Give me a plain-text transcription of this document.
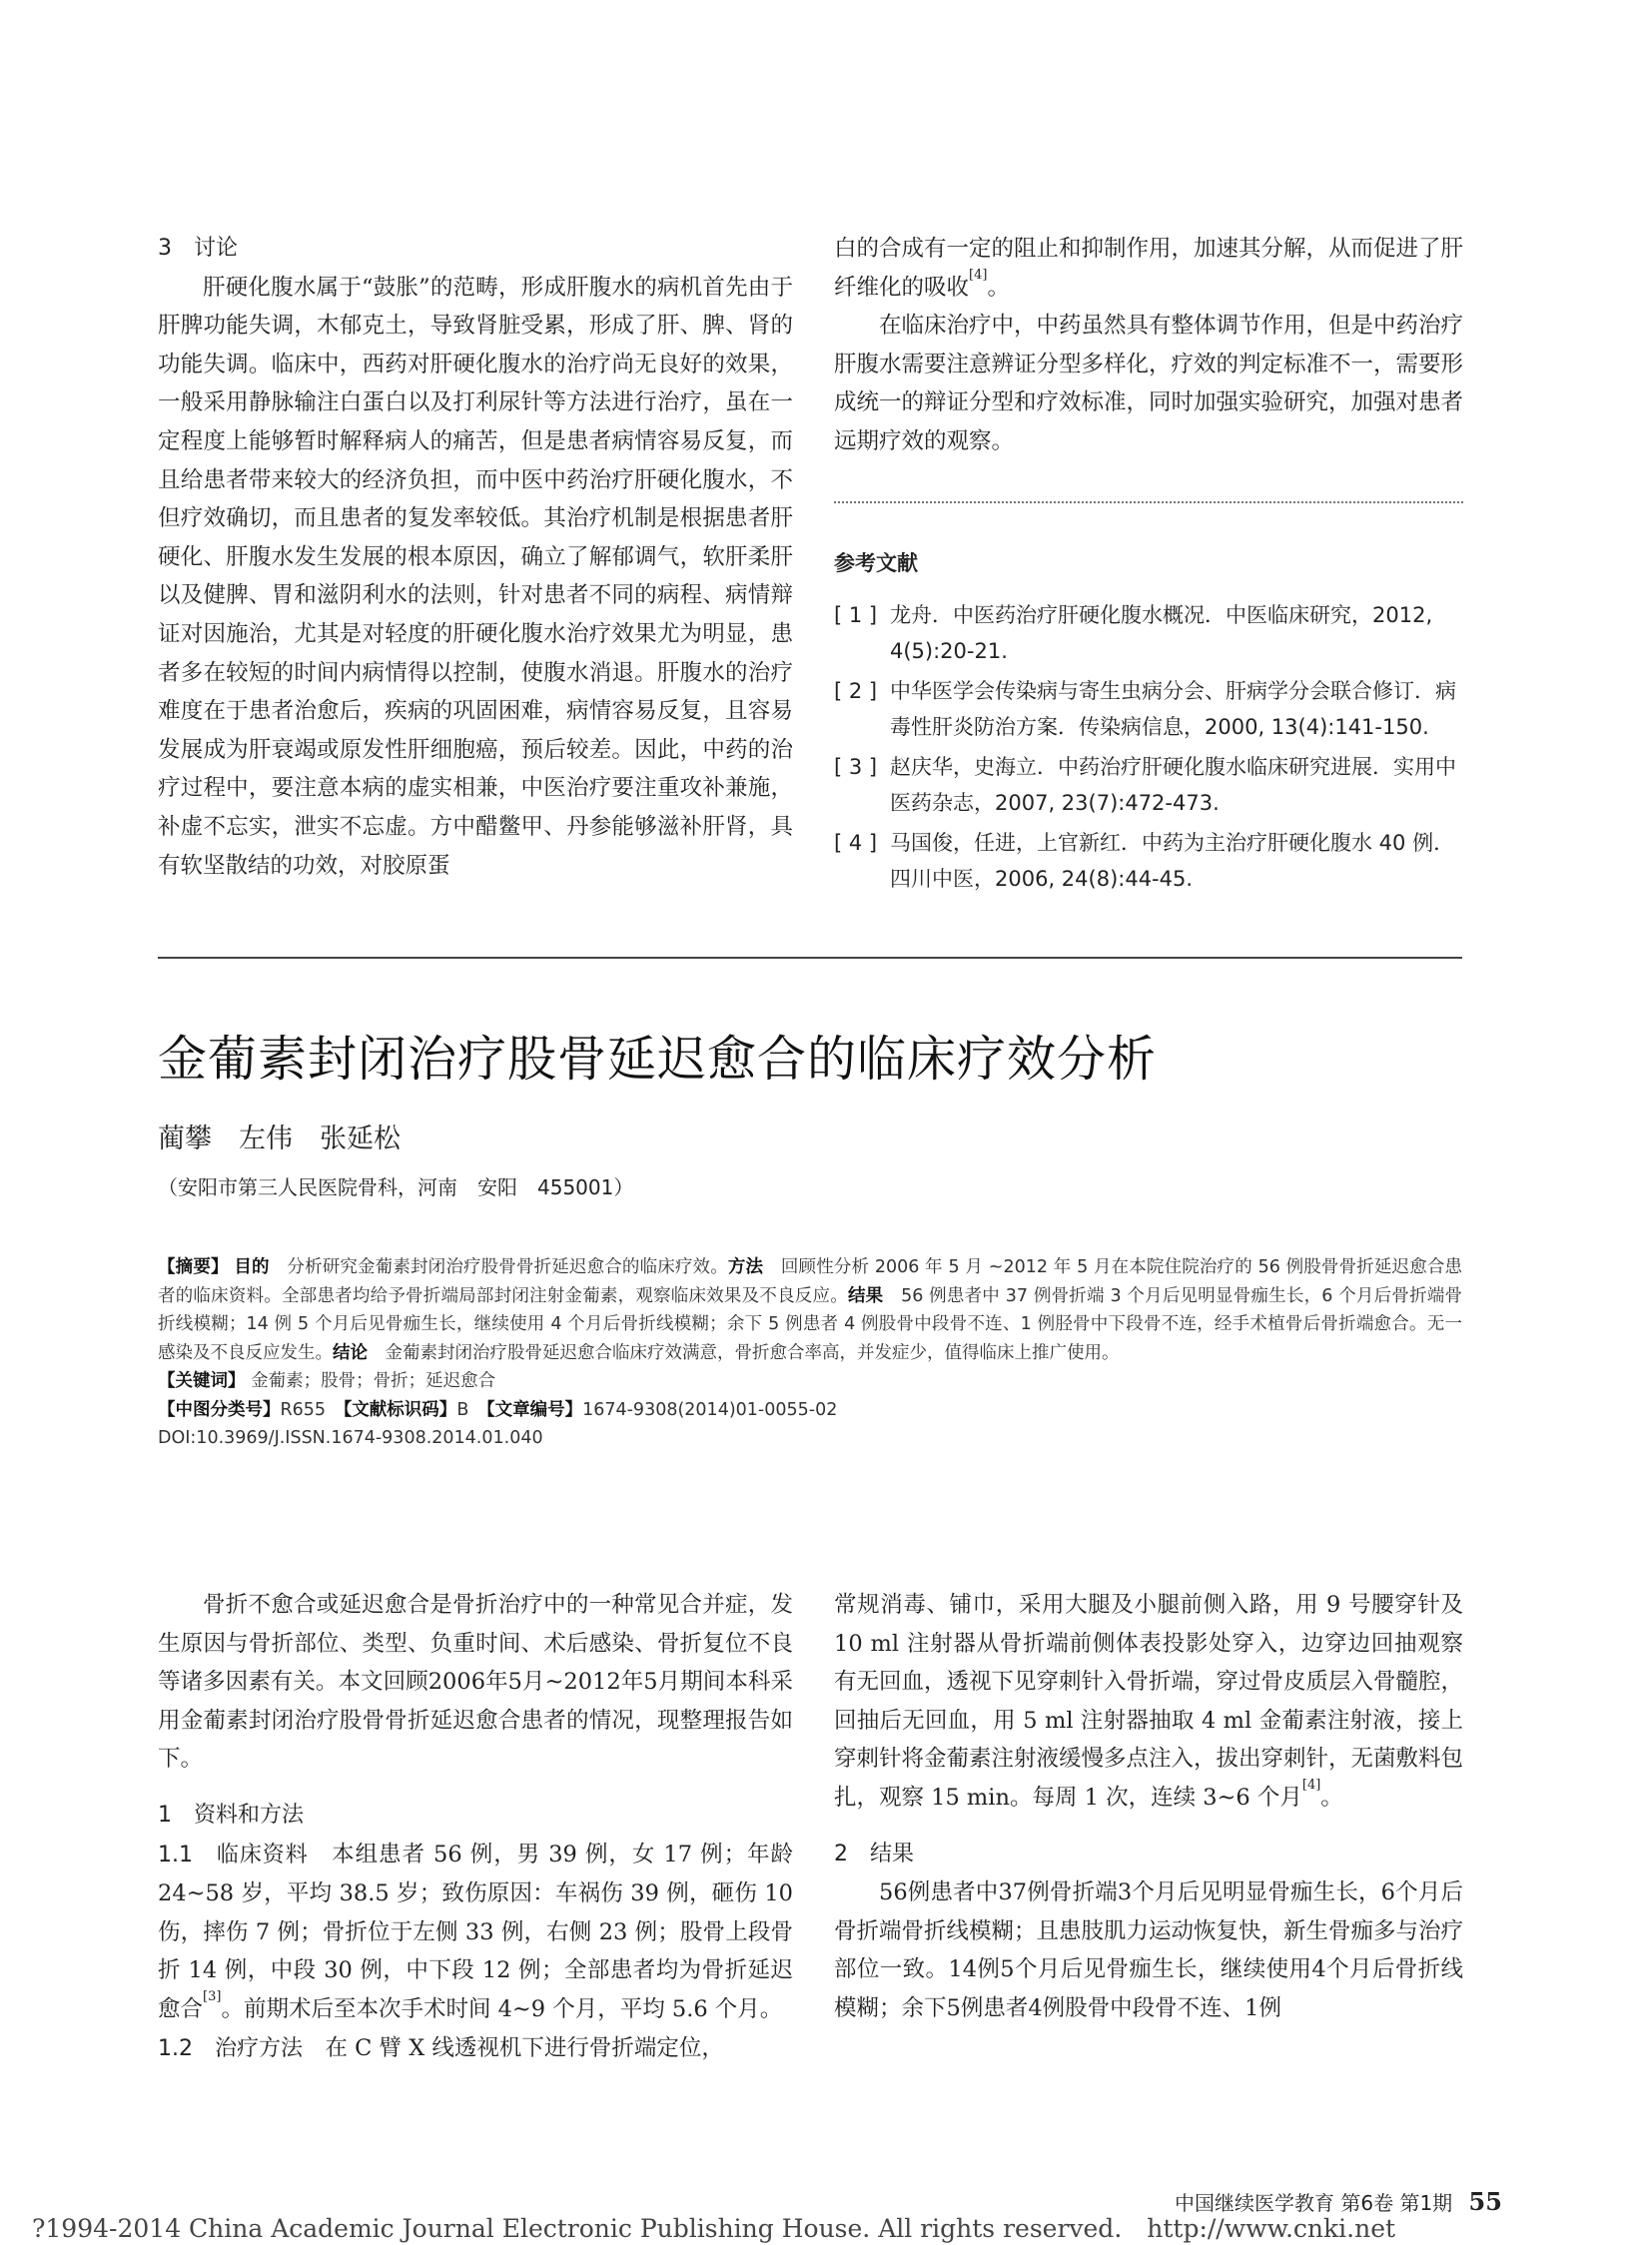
3　讨论

肝硬化腹水属于“鼓胀”的范畴，形成肝腹水的病机首先由于肝脾功能失调，木郁克土，导致肾脏受累，形成了肝、脾、肾的功能失调。临床中，西药对肝硬化腹水的治疗尚无良好的效果，一般采用静脉输注白蛋白以及打利尿针等方法进行治疗，虽在一定程度上能够暂时解释病人的痛苦，但是患者病情容易反复，而且给患者带来较大的经济负担，而中医中药治疗肝硬化腹水，不但疗效确切，而且患者的复发率较低。其治疗机制是根据患者肝硬化、肝腹水发生发展的根本原因，确立了解郁调气，软肝柔肝以及健脾、胃和滋阴利水的法则，针对患者不同的病程、病情辩证对因施治，尤其是对轻度的肝硬化腹水治疗效果尤为明显，患者多在较短的时间内病情得以控制，使腹水消退。肝腹水的治疗难度在于患者治愈后，疾病的巩固困难，病情容易反复，且容易发展成为肝衰竭或原发性肝细胞癌，预后较差。因此，中药的治疗过程中，要注意本病的虚实相兼，中医治疗要注重攻补兼施，补虚不忘实，泄实不忘虚。方中醋鳖甲、丹参能够滋补肝肾，具有软坚散结的功效，对胶原蛋

白的合成有一定的阻止和抑制作用，加速其分解，从而促进了肝纤维化的吸收[4]。

在临床治疗中，中药虽然具有整体调节作用，但是中药治疗肝腹水需要注意辨证分型多样化，疗效的判定标准不一，需要形成统一的辩证分型和疗效标准，同时加强实验研究，加强对患者远期疗效的观察。

参考文献
[ 1 ] 龙舟．中医药治疗肝硬化腹水概况．中医临床研究，2012, 4(5):20-21.
[ 2 ] 中华医学会传染病与寄生虫病分会、肝病学分会联合修订．病毒性肝炎防治方案．传染病信息，2000, 13(4):141-150.
[ 3 ] 赵庆华，史海立．中药治疗肝硬化腹水临床研究进展．实用中医药杂志，2007, 23(7):472-473.
[ 4 ] 马国俊，任进，上官新红．中药为主治疗肝硬化腹水 40 例．四川中医，2006, 24(8):44-45.
金葡素封闭治疗股骨延迟愈合的临床疗效分析
蔺攀　左伟　张延松
（安阳市第三人民医院骨科，河南　安阳　455001）
【摘要】 目的　 分析研究金葡素封闭治疗股骨骨折延迟愈合的临床疗效。方法　 回顾性分析 2006 年 5 月 ~2012 年 5 月在本院住院治疗的 56 例股骨骨折延迟愈合患者的临床资料。全部患者均给予骨折端局部封闭注射金葡素，观察临床效果及不良反应。结果　 56 例患者中 37 例骨折端 3 个月后见明显骨痂生长，6 个月后骨折端骨折线模糊；14 例 5 个月后见骨痂生长，继续使用 4 个月后骨折线模糊；余下 5 例患者 4 例股骨中段骨不连、1 例胫骨中下段骨不连，经手术植骨后骨折端愈合。无一感染及不良反应发生。结论　 金葡素封闭治疗股骨延迟愈合临床疗效满意，骨折愈合率高，并发症少，值得临床上推广使用。
【关键词】 金葡素；股骨；骨折；延迟愈合
【中图分类号】R655　 【文献标识码】B　 【文章编号】1674-9308(2014)01-0055-02
DOI:10.3969/J.ISSN.1674-9308.2014.01.040

骨折不愈合或延迟愈合是骨折治疗中的一种常见合并症，发生原因与骨折部位、类型、负重时间、术后感染、骨折复位不良等诸多因素有关。本文回顾2006年5月~2012年5月期间本科采用金葡素封闭治疗股骨骨折延迟愈合患者的情况，现整理报告如下。

1　资料和方法

1.1　临床资料　 本组患者 56 例，男 39 例，女 17 例；年龄 24~58 岁，平均 38.5 岁；致伤原因：车祸伤 39 例，砸伤 10 伤，摔伤 7 例；骨折位于左侧 33 例，右侧 23 例；股骨上段骨折 14 例，中段 30 例，中下段 12 例；全部患者均为骨折延迟愈合[3]。前期术后至本次手术时间 4~9 个月，平均 5.6 个月。

1.2　治疗方法　 在 C 臂 X 线透视机下进行骨折端定位，

常规消毒、铺巾，采用大腿及小腿前侧入路，用 9 号腰穿针及 10 ml 注射器从骨折端前侧体表投影处穿入，边穿边回抽观察有无回血，透视下见穿刺针入骨折端，穿过骨皮质层入骨髓腔，回抽后无回血，用 5 ml 注射器抽取 4 ml 金葡素注射液，接上穿刺针将金葡素注射液缓慢多点注入，拔出穿刺针，无菌敷料包扎，观察 15 min。每周 1 次，连续 3~6 个月[4]。

2　结果

56例患者中37例骨折端3个月后见明显骨痂生长，6个月后骨折端骨折线模糊；且患肢肌力运动恢复快，新生骨痂多与治疗部位一致。14例5个月后见骨痂生长，继续使用4个月后骨折线模糊；余下5例患者4例股骨中段骨不连、1例

中国继续医学教育 第6卷 第1期 55
?1994-2014 China Academic Journal Electronic Publishing House. All rights reserved.　http://www.cnki.net
